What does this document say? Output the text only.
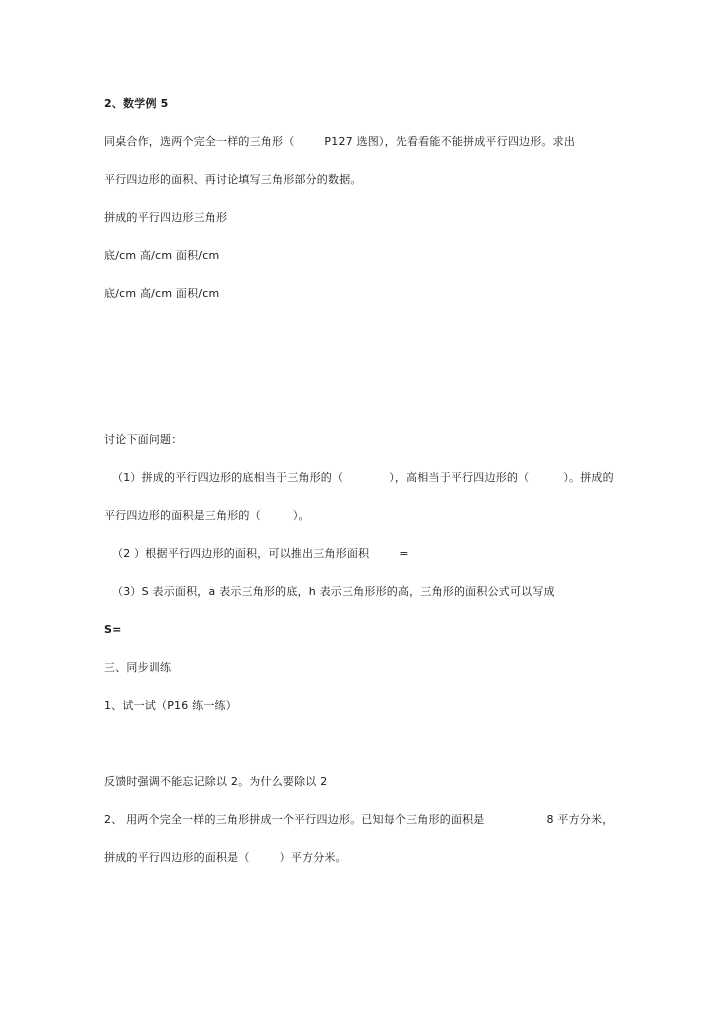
2、数学例 5
同桌合作，选两个完全一样的三角形（	P127 选图），先看看能不能拼成平行四边形。求出
平行四边形的面积、再讨论填写三角形部分的数据。
拼成的平行四边形三角形
底/cm 高/cm 面积/cm
底/cm 高/cm 面积/cm
讨论下面问题：
（1）拼成的平行四边形的底相当于三角形的（	），高相当于平行四边形的（	）。拼成的
平行四边形的面积是三角形的（	）。
（2 ）根据平行四边形的面积，可以推出三角形面积	=
（3）S 表示面积，a 表示三角形的底，h 表示三角形形的高，三角形的面积公式可以写成
S=
三、同步训练
1、试一试（P16 练一练）
反馈时强调不能忘记除以 2。为什么要除以 2
2、 用两个完全一样的三角形拼成一个平行四边形。已知每个三角形的面积是	8 平方分米，
拼成的平行四边形的面积是（	）平方分米。
